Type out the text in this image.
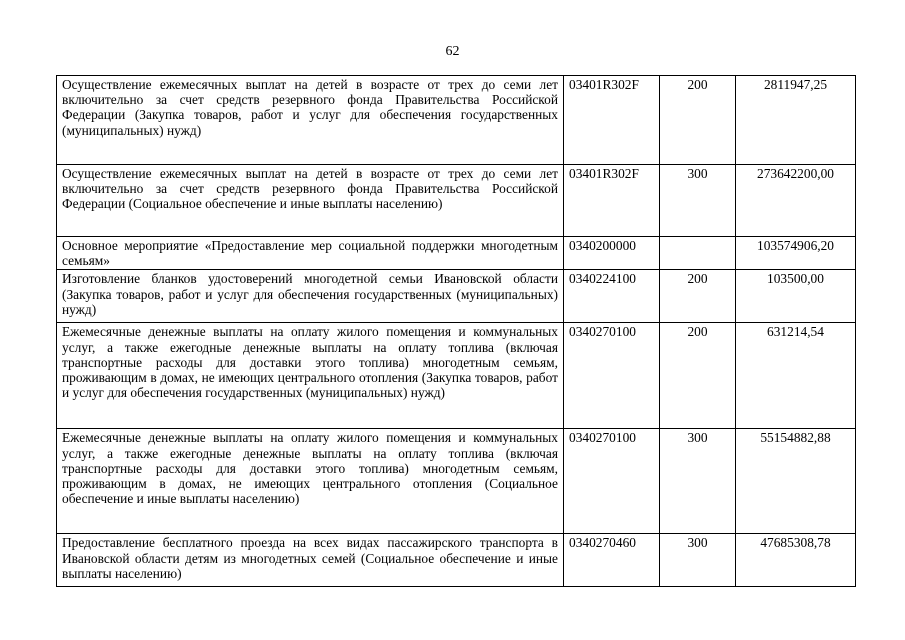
62
Осуществление ежемесячных выплат на детей в возрасте от трех до семи лет включительно за счет средств резервного фонда Правительства Российской Федерации (Закупка товаров, работ и услуг для обеспечения государственных (муниципальных) нужд)	03401R302F	200	2811947,25
Осуществление ежемесячных выплат на детей в возрасте от трех до семи лет включительно за счет средств резервного фонда Правительства Российской Федерации (Социальное обеспечение и иные выплаты населению)	03401R302F	300	273642200,00
Основное мероприятие «Предоставление мер социальной поддержки многодетным семьям»	0340200000		103574906,20
Изготовление бланков удостоверений многодетной семьи Ивановской области (Закупка товаров, работ и услуг для обеспечения государственных (муниципальных) нужд)	0340224100	200	103500,00
Ежемесячные денежные выплаты на оплату жилого помещения и коммунальных услуг, а также ежегодные денежные выплаты на оплату топлива (включая транспортные расходы для доставки этого топлива) многодетным семьям, проживающим в домах, не имеющих центрального отопления (Закупка товаров, работ и услуг для обеспечения государственных (муниципальных) нужд)	0340270100	200	631214,54
Ежемесячные денежные выплаты на оплату жилого помещения и коммунальных услуг, а также ежегодные денежные выплаты на оплату топлива (включая транспортные расходы для доставки этого топлива) многодетным семьям, проживающим в домах, не имеющих центрального отопления (Социальное обеспечение и иные выплаты населению)	0340270100	300	55154882,88
Предоставление бесплатного проезда на всех видах пассажирского транспорта в Ивановской области детям из многодетных семей (Социальное обеспечение и иные выплаты населению)	0340270460	300	47685308,78
